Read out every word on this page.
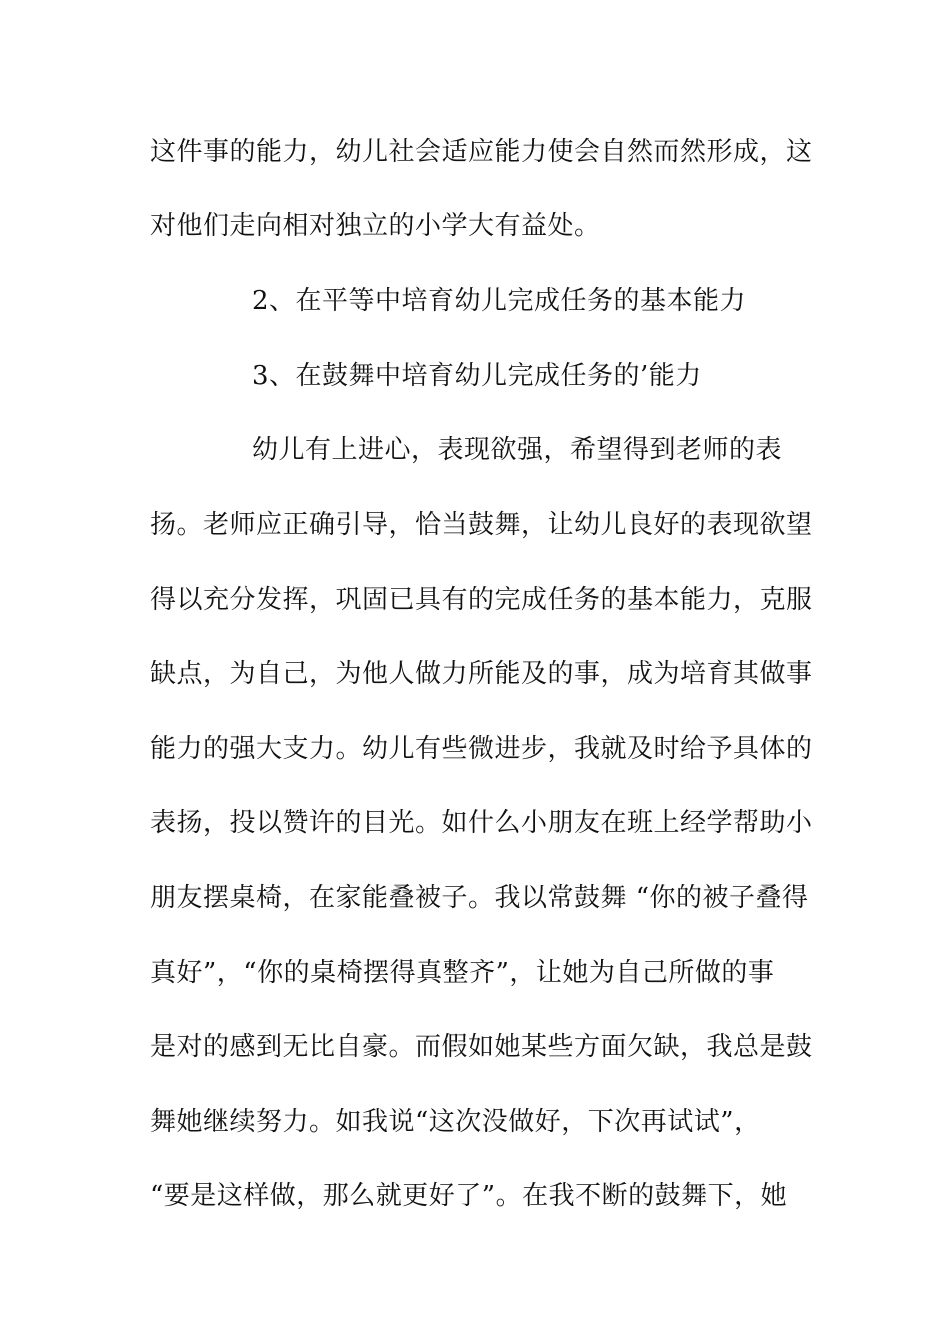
这件事的能力，幼儿社会适应能力使会自然而然形成，这
对他们走向相对独立的小学大有益处。
2、在平等中培育幼儿完成任务的基本能力
3、在鼓舞中培育幼儿完成任务的’能力
幼儿有上进心，表现欲强，希望得到老师的表
扬。老师应正确引导，恰当鼓舞，让幼儿良好的表现欲望
得以充分发挥，巩固已具有的完成任务的基本能力，克服
缺点，为自己，为他人做力所能及的事，成为培育其做事
能力的强大支力。幼儿有些微进步，我就及时给予具体的
表扬，投以赞许的目光。如什么小朋友在班上经学帮助小
朋友摆桌椅，在家能叠被子。我以常鼓舞 “你的被子叠得
真好”，“你的桌椅摆得真整齐”，让她为自己所做的事
是对的感到无比自豪。而假如她某些方面欠缺，我总是鼓
舞她继续努力。如我说“这次没做好，下次再试试”，
“要是这样做，那么就更好了”。在我不断的鼓舞下，她
